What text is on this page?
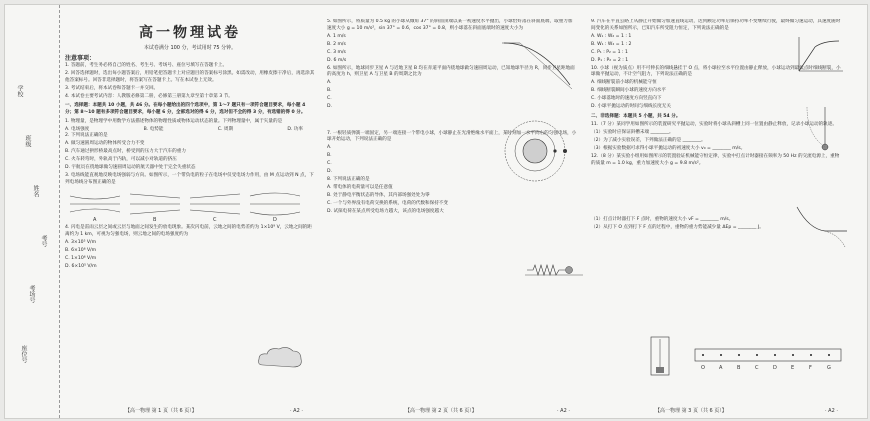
学校
班级
姓名
考号
考场号
座位号
高一物理试卷
本试卷满分 100 分，考试用时 75 分钟。
注意事项：

1. 答题前，考生务必将自己的姓名、考生号、考场号、座位号填写在答题卡上。

2. 回答选择题时，选出每小题答案后，用铅笔把答题卡上对应题目的答案标号涂黑。如需改动，用橡皮擦干净后，再选涂其他答案标号。回答非选择题时，将答案写在答题卡上。写在本试卷上无效。

3. 考试结束后，将本试卷和答题卡一并交回。

4. 本试卷主要考试内容：人教版必修第二册，必修第三册第九章至第十章第 3 节。

一、选择题：本题共 10 小题，共 46 分。在每小题给出的四个选项中，第 1～7 题只有一项符合题目要求，每小题 4 分；第 8～10 题有多项符合题目要求，每小题 6 分，全部选对的得 6 分，选对但不全的得 3 分，有选错的得 0 分。

1. 物理量，是物理学中用数学方法描述物体的物理性质或物体运动状态的量。下列物理量中，属于矢量的是

A. 电场强度	B. 电势能	C. 周期	D. 功率

2. 下列说法正确的是

A. 做匀速圆周运动的物体所受合力不变

B. 汽车通过拱形桥最高点时，桥受到的压力大于汽车的重力

C. 火车转弯时，外轨高于内轨，可以减小对轨道的挤压

D. 宇航员在绕地球做匀速圆周运动的航天器中处于完全失重状态

3. 电场线能直观地反映电场强弱与方向。如图所示，一个带负电的粒子在电场中仅受电场力作用，由 M 点运动到 N 点，下列电场线分布图正确的是

A	B	C	D

4. 闪电是雷雨云层之间或云层与地面之间发生的放电现象。某次闪电前，云地之间的电势差约为 1×10⁹ V，云地之间的距离约为 1 km，可视为匀强电场，则云地之间的电场强度约为

A. 3×10⁵ V/m

B. 6×10⁶ V/m

C. 1×10⁶ V/m

D. 6×10⁵ V/m

【高一物理 第 1 页（共 6 页）】	· A2 ·

5. 如图所示，将质量为 0.5 kg 的小球从倾角 37° 的斜面顶端以某一初速度水平抛出，小球恰好落在斜面底端，取重力加速度大小 g = 10 m/s²，sin 37° = 0.6，cos 37° = 0.8，则小球落在斜面底端时的速度大小为

A. 1 m/s

B. 2 m/s

C. 3 m/s

D. 6 m/s

6. 如图所示，地球同步卫星 A 与近地卫星 B 均在赤道平面内绕地球做匀速圆周运动，已知地球半径为 R，同步卫星距地面的高度为 h，则卫星 A 与卫星 B 的周期之比为

A.

B.

C.

D.

7. 一根轻质弹簧一端固定，另一端连接一个带电小球，小球静止在光滑绝缘水平面上，某时刻加一水平向右的匀强电场，小球开始运动，下列说法正确的是

A.

B.

C.

D.

8. 下列说法正确的是

A. 带电体的电荷量可以是任意值

B. 处于静电平衡状态的导体，其内部场强处处为零

C. 一个与外界没有电荷交换的系统，电荷的代数和保持不变

D. 试探电荷在某点所受电场力越大，该点的电场强度越大

【高一物理 第 2 页（共 6 页）】	· A2 ·

9. 汽车在平直公路上从静止开始做匀加速直线运动，达到额定功率后保持功率不变继续行驶，最终做匀速运动，其速度随时间变化的关系如图所示，已知汽车所受阻力恒定，下列说法正确的是

A. W₁ : W₂ = 1 : 1

B. W₁ : W₂ = 1 : 2

C. P₁ : P₂ = 1 : 1

D. P₁ : P₂ = 2 : 1

10. 小球（视为质点）用不可伸长的细线悬挂于 O 点，将小球拉至水平位置由静止释放，小球运动到最低点时细线断裂，小球做平抛运动，不计空气阻力，下列说法正确的是

A. 细线断裂前小球的机械能守恒

B. 细线断裂瞬间小球的速度方向水平

C. 小球落地时的速度方向竖直向下

D. 小球平抛运动的时间与细线长度无关

二、非选择题：本题共 5 小题，共 54 分。

11.（7 分）某同学用如图所示的装置研究平抛运动，实验时将小球从斜槽上同一位置由静止释放，记录小球运动的轨迹。

（1）实验时应保证斜槽末端 ________。

（2）为了减小实验误差，下列做法正确的是 ________。

（3）根据实验数据可求得小球平抛运动的初速度大小 v₀ = ________ m/s。

12.（8 分）某实验小组用如图所示的装置验证机械能守恒定律，实验中打点计时器接在频率为 50 Hz 的交流电源上，重物的质量 m = 1.0 kg，重力加速度大小 g = 9.8 m/s²。

（1）打点计时器打下 F 点时，重物的速度大小 vF = ________ m/s。

（2）从打下 O 点到打下 F 点的过程中，重物的重力势能减少量 ΔEp = ________ J。

O	A	B	C	D	E	F	G
【高一物理 第 3 页（共 6 页）】	· A2 ·
